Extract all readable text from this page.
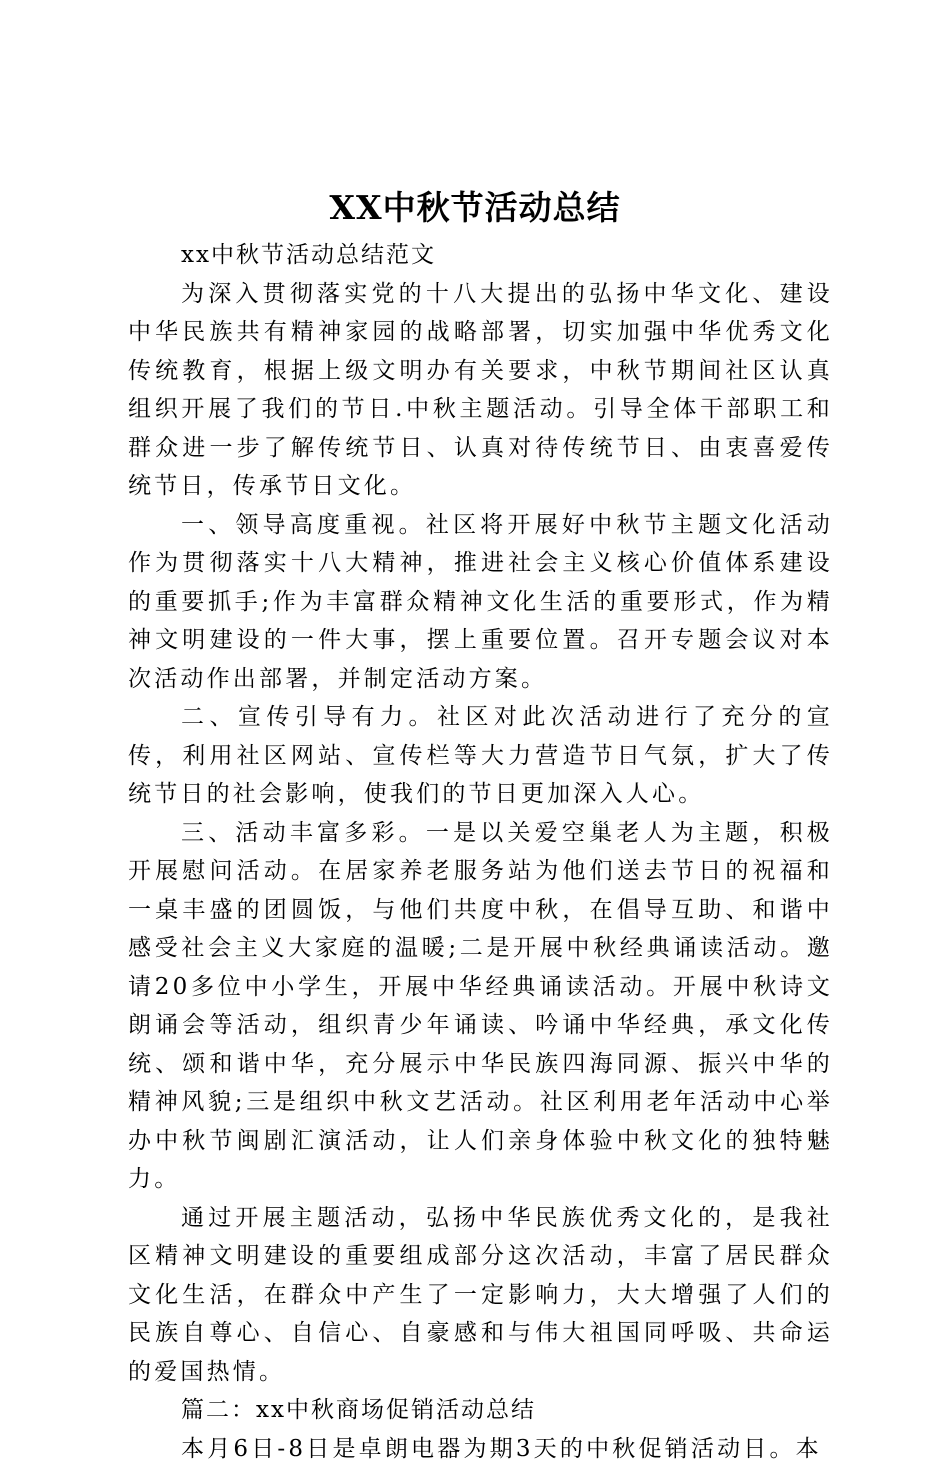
XX中秋节活动总结

xx中秋节活动总结范文

为深入贯彻落实党的十八大提出的弘扬中华文化、建设中华民族共有精神家园的战略部署，切实加强中华优秀文化传统教育，根据上级文明办有关要求，中秋节期间社区认真组织开展了我们的节日.中秋主题活动。引导全体干部职工和群众进一步了解传统节日、认真对待传统节日、由衷喜爱传统节日，传承节日文化。

一、领导高度重视。社区将开展好中秋节主题文化活动作为贯彻落实十八大精神，推进社会主义核心价值体系建设的重要抓手;作为丰富群众精神文化生活的重要形式，作为精神文明建设的一件大事，摆上重要位置。召开专题会议对本次活动作出部署，并制定活动方案。

二、宣传引导有力。社区对此次活动进行了充分的宣传，利用社区网站、宣传栏等大力营造节日气氛，扩大了传统节日的社会影响，使我们的节日更加深入人心。

三、活动丰富多彩。一是以关爱空巢老人为主题，积极开展慰问活动。在居家养老服务站为他们送去节日的祝福和一桌丰盛的团圆饭，与他们共度中秋，在倡导互助、和谐中感受社会主义大家庭的温暖;二是开展中秋经典诵读活动。邀请20多位中小学生，开展中华经典诵读活动。开展中秋诗文朗诵会等活动，组织青少年诵读、吟诵中华经典，承文化传统、颂和谐中华，充分展示中华民族四海同源、振兴中华的精神风貌;三是组织中秋文艺活动。社区利用老年活动中心举办中秋节闽剧汇演活动，让人们亲身体验中秋文化的独特魅力。

通过开展主题活动，弘扬中华民族优秀文化的，是我社区精神文明建设的重要组成部分这次活动，丰富了居民群众文化生活，在群众中产生了一定影响力，大大增强了人们的民族自尊心、自信心、自豪感和与伟大祖国同呼吸、共命运的爱国热情。

篇二：xx中秋商场促销活动总结

本月6日-8日是卓朗电器为期3天的中秋促销活动日。本
